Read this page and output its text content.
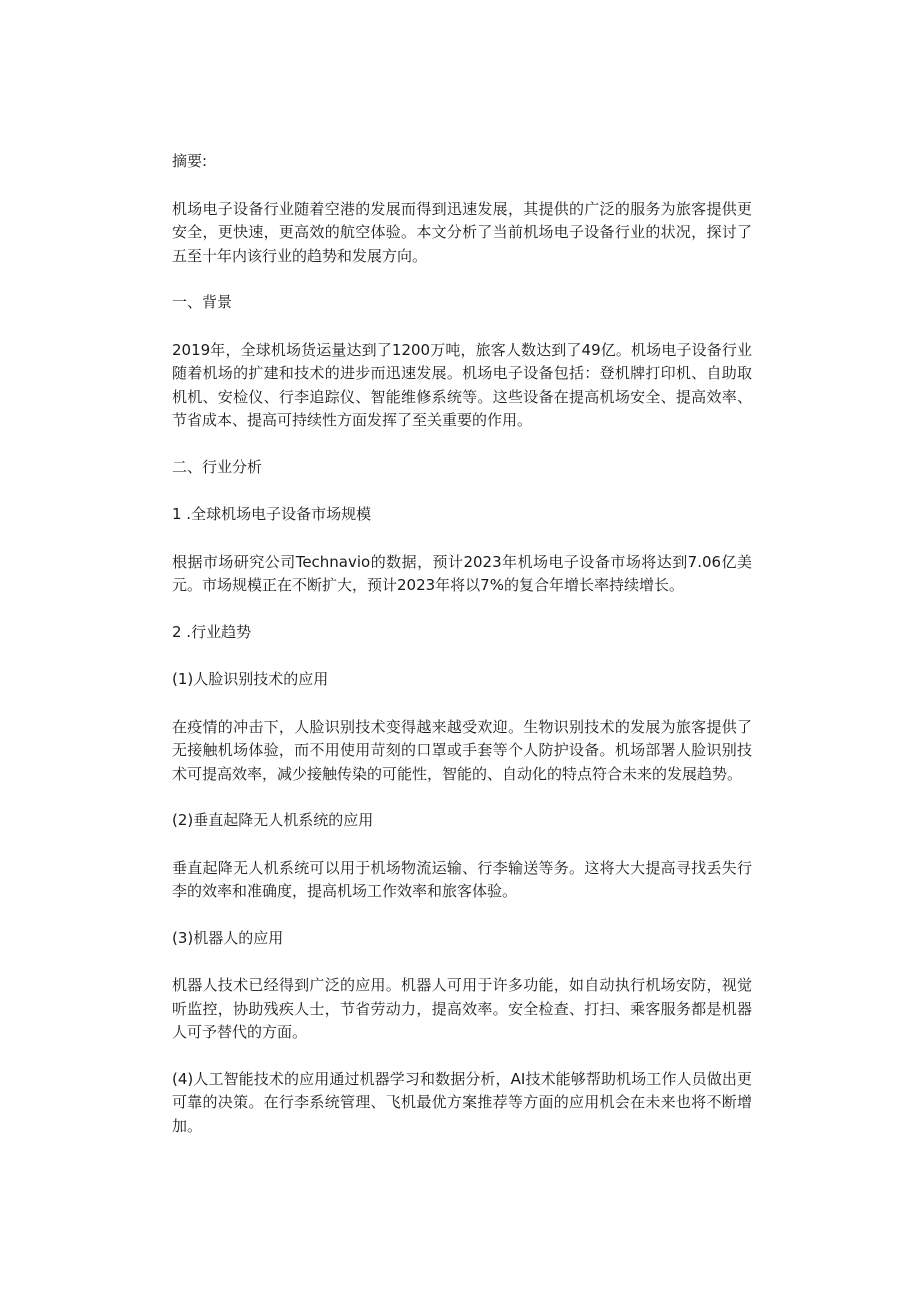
摘要:

机场电子设备行业随着空港的发展而得到迅速发展，其提供的广泛的服务为旅客提供更安全，更快速，更高效的航空体验。本文分析了当前机场电子设备行业的状况，探讨了五至十年内该行业的趋势和发展方向。

一、背景

2019年，全球机场货运量达到了1200万吨，旅客人数达到了49亿。机场电子设备行业随着机场的扩建和技术的进步而迅速发展。机场电子设备包括：登机牌打印机、自助取机机、安检仪、行李追踪仪、智能维修系统等。这些设备在提高机场安全、提高效率、节省成本、提高可持续性方面发挥了至关重要的作用。

二、行业分析

1 .全球机场电子设备市场规模

根据市场研究公司Technavio的数据，预计2023年机场电子设备市场将达到7.06亿美元。市场规模正在不断扩大，预计2023年将以7%的复合年增长率持续增长。

2 .行业趋势

(1)人脸识别技术的应用

在疫情的冲击下，人脸识别技术变得越来越受欢迎。生物识别技术的发展为旅客提供了无接触机场体验，而不用使用苛刻的口罩或手套等个人防护设备。机场部署人脸识别技术可提高效率，减少接触传染的可能性，智能的、自动化的特点符合未来的发展趋势。

(2)垂直起降无人机系统的应用

垂直起降无人机系统可以用于机场物流运输、行李输送等务。这将大大提高寻找丢失行李的效率和准确度，提高机场工作效率和旅客体验。

(3)机器人的应用

机器人技术已经得到广泛的应用。机器人可用于许多功能，如自动执行机场安防，视觉听监控，协助残疾人士，节省劳动力，提高效率。安全检查、打扫、乘客服务都是机器人可予替代的方面。

(4)人工智能技术的应用通过机器学习和数据分析，AI技术能够帮助机场工作人员做出更可靠的决策。在行李系统管理、飞机最优方案推荐等方面的应用机会在未来也将不断增加。
